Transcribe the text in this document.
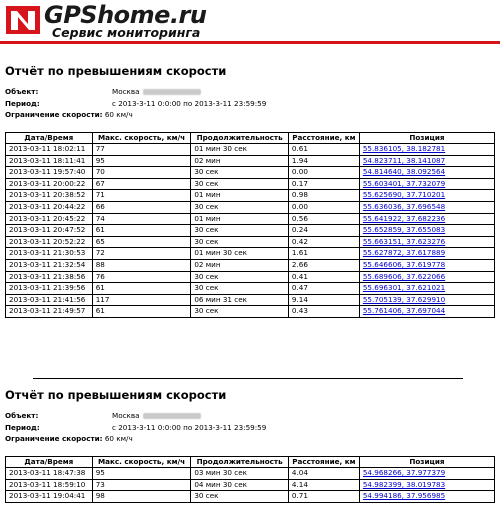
GPShome.ru
Сервис мониторинга
Отчёт по превышениям скорости
Объект:	Москва
Период:	с 2013-3-11 0:0:00 по 2013-3-11 23:59:59
Ограничение скорости:
60 км/ч
Дата/Время	Макс. скорость, км/ч	Продолжительность	Расстояние, км	Позиция
2013-03-11 18:02:11	77	01 мин 30 сек	0.61	55.836105, 38.182781
2013-03-11 18:11:41	95	02 мин	1.94	54.823711, 38.141087
2013-03-11 19:57:40	70	30 сек	0.00	54.814640, 38.092564
2013-03-11 20:00:22	67	30 сек	0.17	55.603401, 37.732079
2013-03-11 20:38:52	71	01 мин	0.98	55.625690, 37.710201
2013-03-11 20:44:22	66	30 сек	0.00	55.636036, 37.696548
2013-03-11 20:45:22	74	01 мин	0.56	55.641922, 37.682236
2013-03-11 20:47:52	61	30 сек	0.24	55.652859, 37.655083
2013-03-11 20:52:22	65	30 сек	0.42	55.663151, 37.623276
2013-03-11 21:30:53	72	01 мин 30 сек	1.61	55.627872, 37.617889
2013-03-11 21:32:54	88	02 мин	2.66	55.646606, 37.619778
2013-03-11 21:38:56	76	30 сек	0.41	55.689606, 37.622066
2013-03-11 21:39:56	61	30 сек	0.47	55.696301, 37.621021
2013-03-11 21:41:56	117	06 мин 31 сек	9.14	55.705139, 37.629910
2013-03-11 21:49:57	61	30 сек	0.43	55.761406, 37.697044
Отчёт по превышениям скорости
Объект:	Москва
Период:	с 2013-3-11 0:0:00 по 2013-3-11 23:59:59
Ограничение скорости:
60 км/ч
Дата/Время	Макс. скорость, км/ч	Продолжительность	Расстояние, км	Позиция
2013-03-11 18:47:38	95	03 мин 30 сек	4.04	54.968266, 37.977379
2013-03-11 18:59:10	73	04 мин 30 сек	4.14	54.982399, 38.019783
2013-03-11 19:04:41	98	30 сек	0.71	54.994186, 37.956985
